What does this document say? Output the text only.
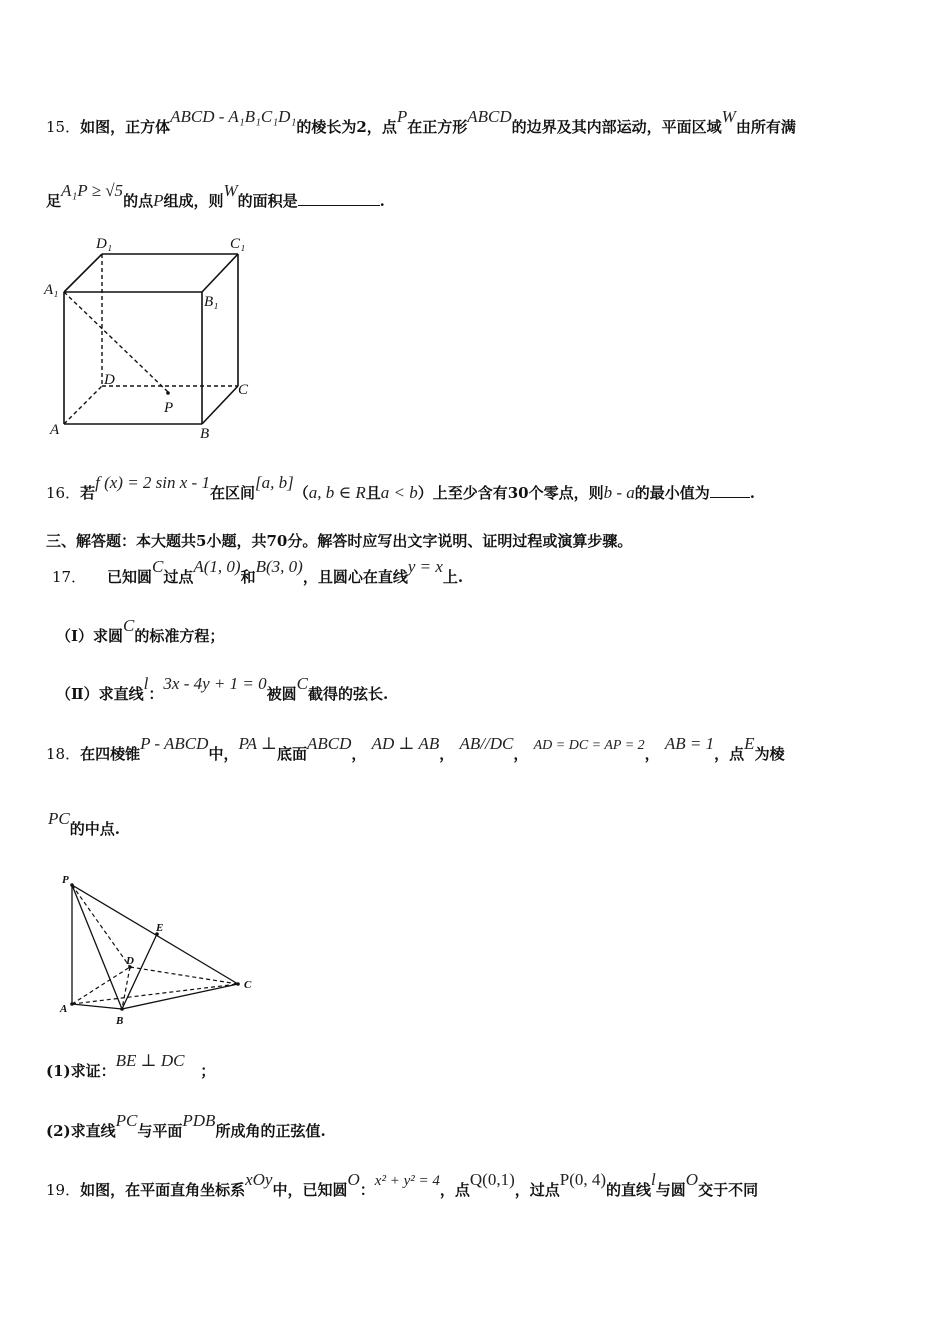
15．如图，正方体ABCD - A₁B₁C₁D₁的棱长为2，点P在正方形ABCD的边界及其内部运动，平面区域W由所有满
足A₁P ≥ √5的点P组成，则W的面积是	.
D₁	C₁
A₁
B₁
D
C
P
A	B
16．若f (x) = 2 sin x - 1在区间[a, b]（a, b ∈ R且a < b）上至少含有30个零点，则b - a的最小值为	.
三、解答题：本大题共5小题，共70分。解答时应写出文字说明、证明过程或演算步骤。
17． 已知圆C过点A(1, 0)和B(3, 0)，且圆心在直线y = x上.
（Ⅰ）求圆C的标准方程；
（Ⅱ）求直线l：3x - 4y + 1 = 0被圆C截得的弦长.
18．在四棱锥P - ABCD中，PA ⊥底面ABCD， AD ⊥ AB， AB//DC， AD = DC = AP = 2， AB = 1，点E为棱
PC的中点.
P
E
D
C
A
B
(1)求证：BE ⊥ DC   ；
(2)求直线PC与平面PDB所成角的正弦值.
19．如图，在平面直角坐标系xOy中，已知圆O：x² + y² = 4，点Q(0,1)，过点P(0, 4)的直线l与圆O交于不同
